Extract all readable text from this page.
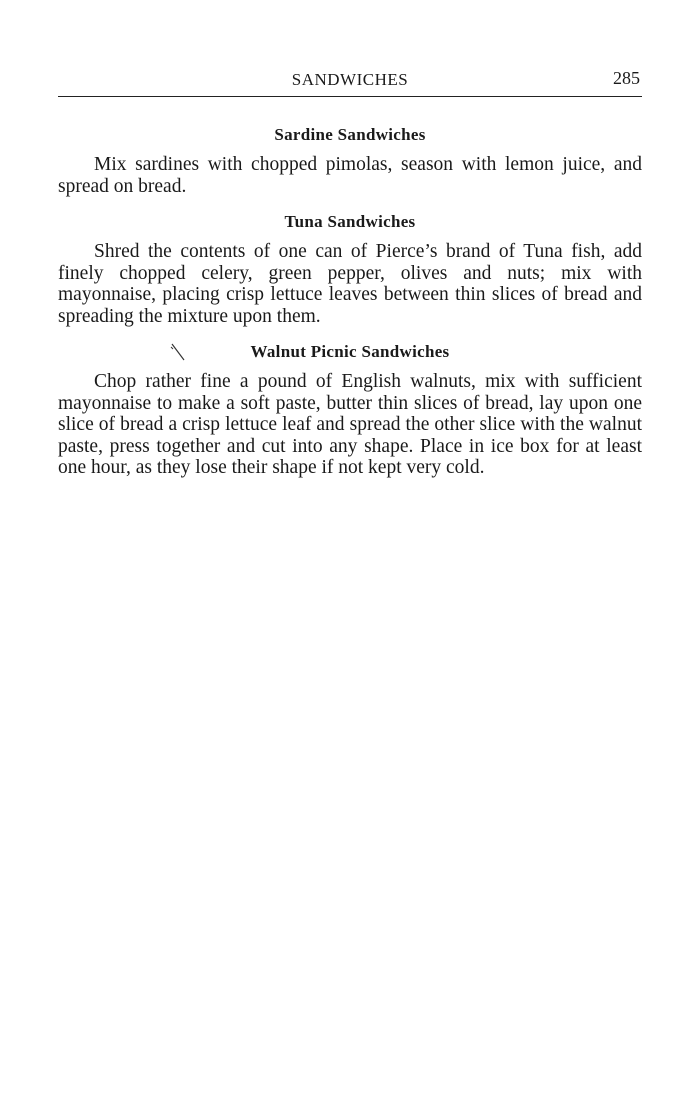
SANDWICHES	285
Sardine Sandwiches

Mix sardines with chopped pimolas, season with lemon juice, and spread on bread.

Tuna Sandwiches

Shred the contents of one can of Pierce’s brand of Tuna fish, add finely chopped celery, green pepper, olives and nuts; mix with mayonnaise, placing crisp lettuce leaves between thin slices of bread and spreading the mixture upon them.

Walnut Picnic Sandwiches

Chop rather fine a pound of English walnuts, mix with sufficient mayonnaise to make a soft paste, butter thin slices of bread, lay upon one slice of bread a crisp lettuce leaf and spread the other slice with the walnut paste, press together and cut into any shape. Place in ice box for at least one hour, as they lose their shape if not kept very cold.
